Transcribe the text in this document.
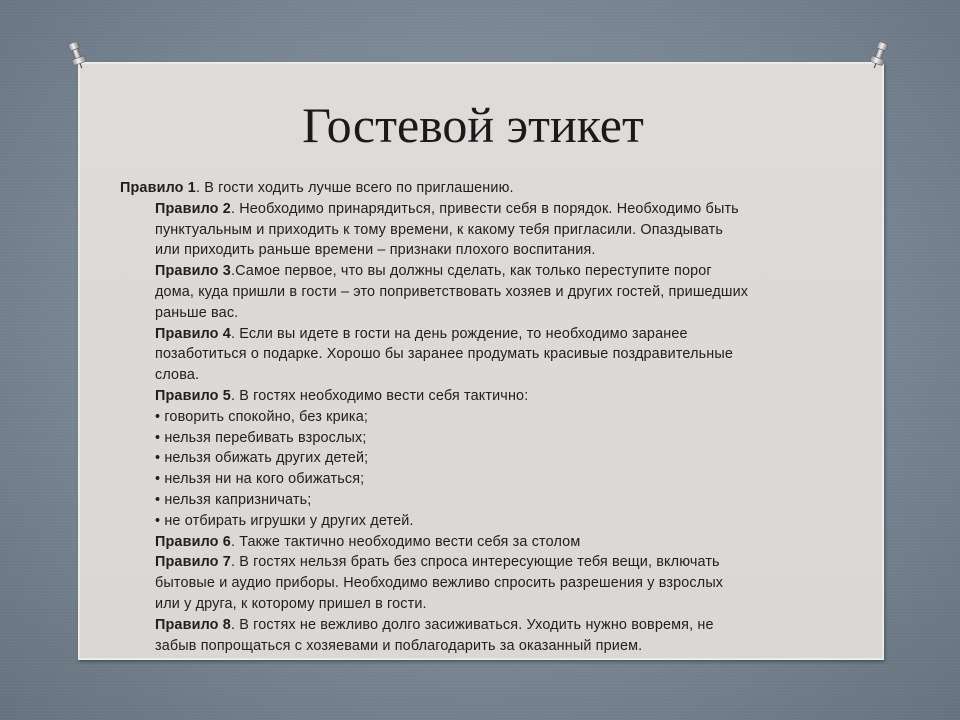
Гостевой этикет
Правило 1. В гости ходить лучше всего по приглашению.
Правило 2. Необходимо принарядиться, привести себя в порядок. Необходимо быть
пунктуальным и приходить к тому времени, к какому тебя пригласили. Опаздывать
или приходить раньше времени – признаки плохого воспитания.
Правило 3.Самое первое, что вы должны сделать, как только переступите порог
дома, куда пришли в гости – это поприветствовать хозяев и других гостей, пришедших
раньше вас.
Правило 4. Если вы идете в гости на день рождение, то необходимо заранее
позаботиться о подарке. Хорошо бы заранее продумать красивые поздравительные
слова.
Правило 5. В гостях необходимо вести себя тактично:
• говорить спокойно, без крика;
• нельзя перебивать взрослых;
• нельзя обижать других детей;
• нельзя ни на кого обижаться;
• нельзя капризничать;
• не отбирать игрушки у других детей.
Правило 6. Также тактично необходимо вести себя за столом
Правило 7. В гостях нельзя брать без спроса интересующие тебя вещи, включать
бытовые и аудио приборы. Необходимо вежливо спросить разрешения у взрослых
или у друга, к которому пришел в гости.
Правило 8. В гостях не вежливо долго засиживаться. Уходить нужно вовремя, не
забыв попрощаться с хозяевами и поблагодарить за оказанный прием.
